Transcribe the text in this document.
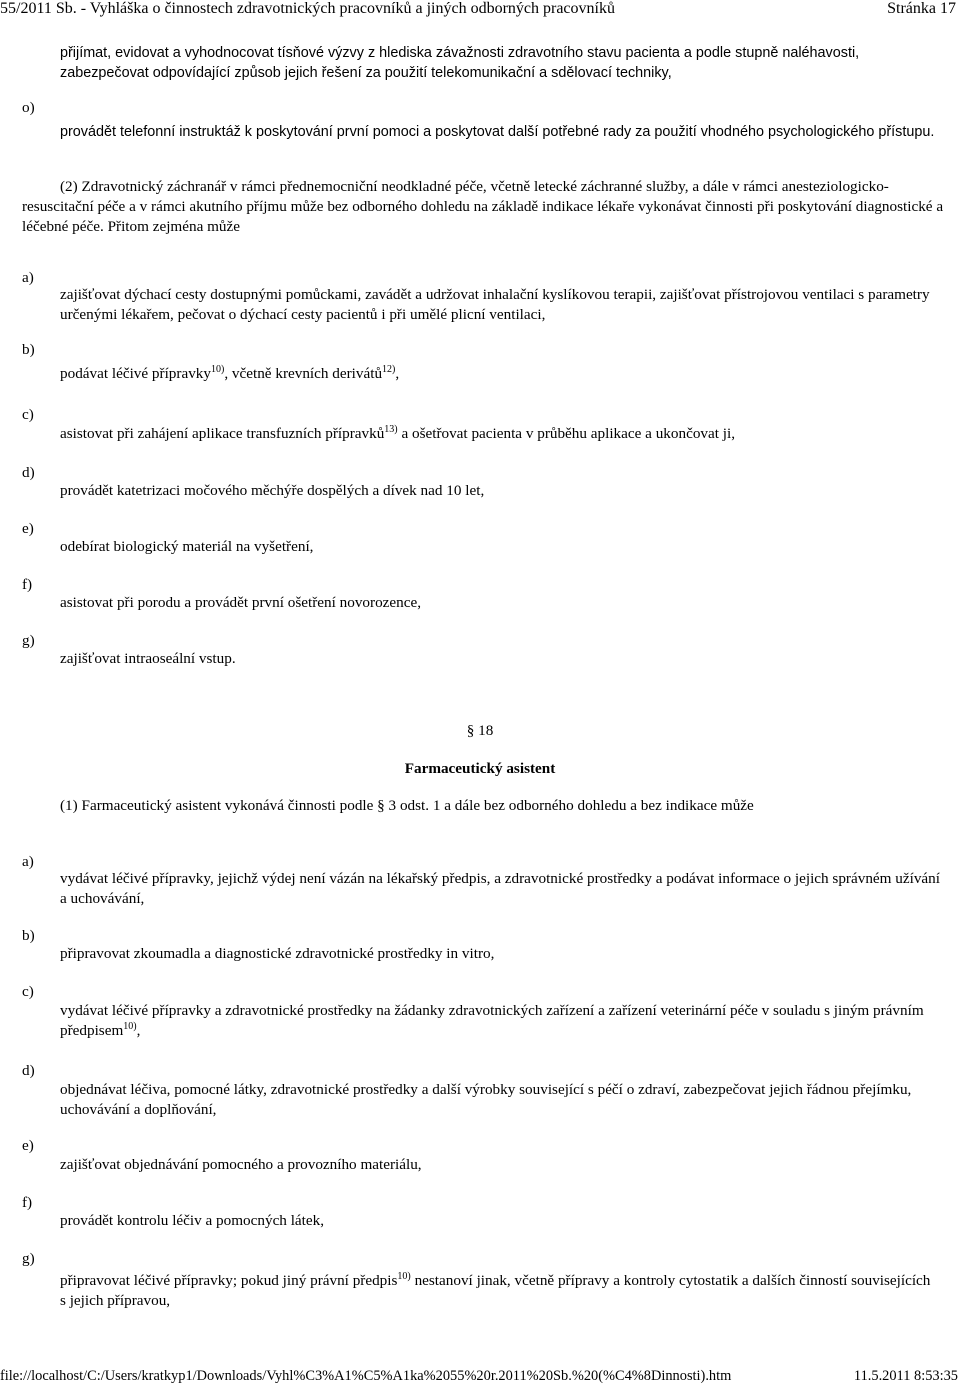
55/2011 Sb. - Vyhláška o činnostech zdravotnických pracovníků a jiných odborných pracovníků	Stránka 17
přijímat, evidovat a vyhodnocovat tísňové výzvy z hlediska závažnosti zdravotního stavu pacienta a podle stupně naléhavosti,
zabezpečovat odpovídající způsob jejich řešení za použití telekomunikační a sdělovací techniky,
o)
provádět telefonní instruktáž k poskytování první pomoci a poskytovat další potřebné rady za použití vhodného psychologického přístupu.
(2) Zdravotnický záchranář v rámci přednemocniční neodkladné péče, včetně letecké záchranné služby, a dále v rámci anesteziologicko-resuscitační péče a v rámci akutního příjmu může bez odborného dohledu na základě indikace lékaře vykonávat činnosti při poskytování diagnostické a léčebné péče. Přitom zejména může
a)
zajišťovat dýchací cesty dostupnými pomůckami, zavádět a udržovat inhalační kyslíkovou terapii, zajišťovat přístrojovou ventilaci s parametry určenými lékařem, pečovat o dýchací cesty pacientů i při umělé plicní ventilaci,
b)
podávat léčivé přípravky$^{10)}$, včetně krevních derivátů$^{12)}$,
c)
asistovat při zahájení aplikace transfuzních přípravků$^{13)}$ a ošetřovat pacienta v průběhu aplikace a ukončovat ji,
d)
provádět katetrizaci močového měchýře dospělých a dívek nad 10 let,
e)
odebírat biologický materiál na vyšetření,
f)
asistovat při porodu a provádět první ošetření novorozence,
g)
zajišťovat intraoseální vstup.
§ 18
Farmaceutický asistent
(1) Farmaceutický asistent vykonává činnosti podle § 3 odst. 1 a dále bez odborného dohledu a bez indikace může
a)
vydávat léčivé přípravky, jejichž výdej není vázán na lékařský předpis, a zdravotnické prostředky a podávat informace o jejich správném užívání a uchovávání,
b)
připravovat zkoumadla a diagnostické zdravotnické prostředky in vitro,
c)
vydávat léčivé přípravky a zdravotnické prostředky na žádanky zdravotnických zařízení a zařízení veterinární péče v souladu s jiným právním předpisem$^{10)}$,
d)
objednávat léčiva, pomocné látky, zdravotnické prostředky a další výrobky související s péčí o zdraví, zabezpečovat jejich řádnou přejímku, uchovávání a doplňování,
e)
zajišťovat objednávání pomocného a provozního materiálu,
f)
provádět kontrolu léčiv a pomocných látek,
g)
připravovat léčivé přípravky; pokud jiný právní předpis$^{10)}$ nestanoví jinak, včetně přípravy a kontroly cytostatik a dalších činností souvisejících s jejich přípravou,
file://localhost/C:/Users/kratkyp1/Downloads/Vyhl%C3%A1%C5%A1ka%2055%20r.2011%20Sb.%20(%C4%8Dinnosti).htm	11.5.2011 8:53:35
